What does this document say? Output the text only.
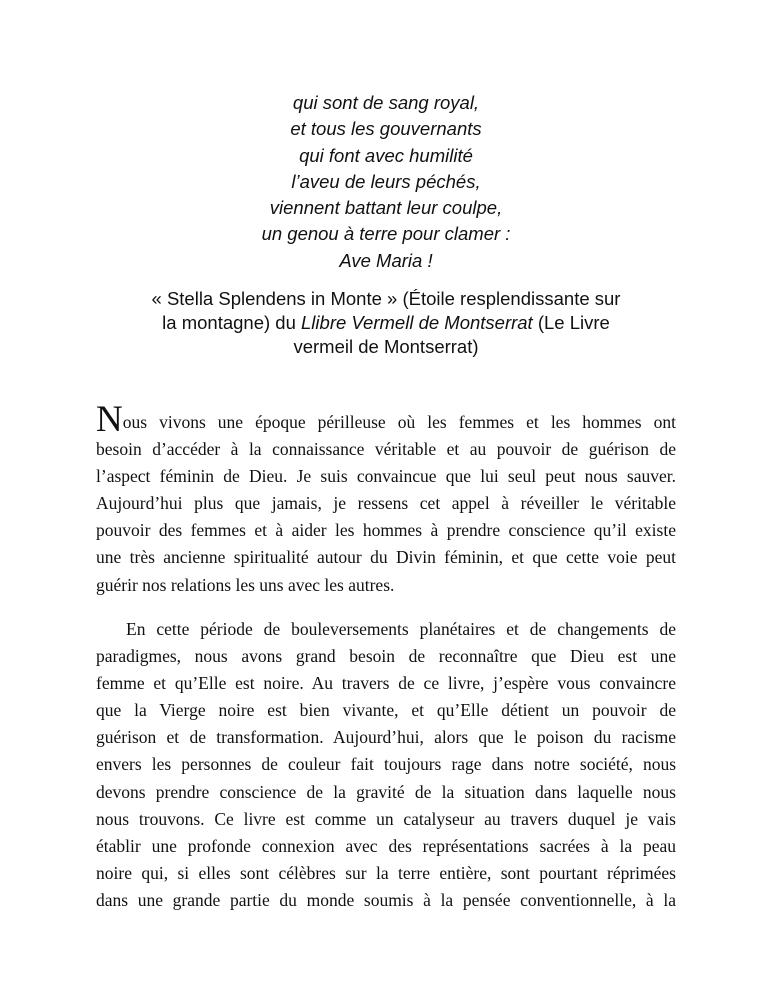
qui sont de sang royal,
et tous les gouvernants
qui font avec humilité
l’aveu de leurs péchés,
viennent battant leur coulpe,
un genou à terre pour clamer :
Ave Maria !
« Stella Splendens in Monte » (Étoile resplendissante sur
la montagne) du Llibre Vermell de Montserrat (Le Livre
vermeil de Montserrat)
Nous vivons une époque périlleuse où les femmes et les hommes ont
besoin d’accéder à la connaissance véritable et au pouvoir de guérison de
l’aspect féminin de Dieu. Je suis convaincue que lui seul peut nous sauver.
Aujourd’hui plus que jamais, je ressens cet appel à réveiller le véritable
pouvoir des femmes et à aider les hommes à prendre conscience qu’il existe
une très ancienne spiritualité autour du Divin féminin, et que cette voie peut
guérir nos relations les uns avec les autres.
En cette période de bouleversements planétaires et de changements de
paradigmes, nous avons grand besoin de reconnaître que Dieu est une
femme et qu’Elle est noire. Au travers de ce livre, j’espère vous convaincre
que la Vierge noire est bien vivante, et qu’Elle détient un pouvoir de
guérison et de transformation. Aujourd’hui, alors que le poison du racisme
envers les personnes de couleur fait toujours rage dans notre société, nous
devons prendre conscience de la gravité de la situation dans laquelle nous
nous trouvons. Ce livre est comme un catalyseur au travers duquel je vais
établir une profonde connexion avec des représentations sacrées à la peau
noire qui, si elles sont célèbres sur la terre entière, sont pourtant réprimées
dans une grande partie du monde soumis à la pensée conventionnelle, à la
